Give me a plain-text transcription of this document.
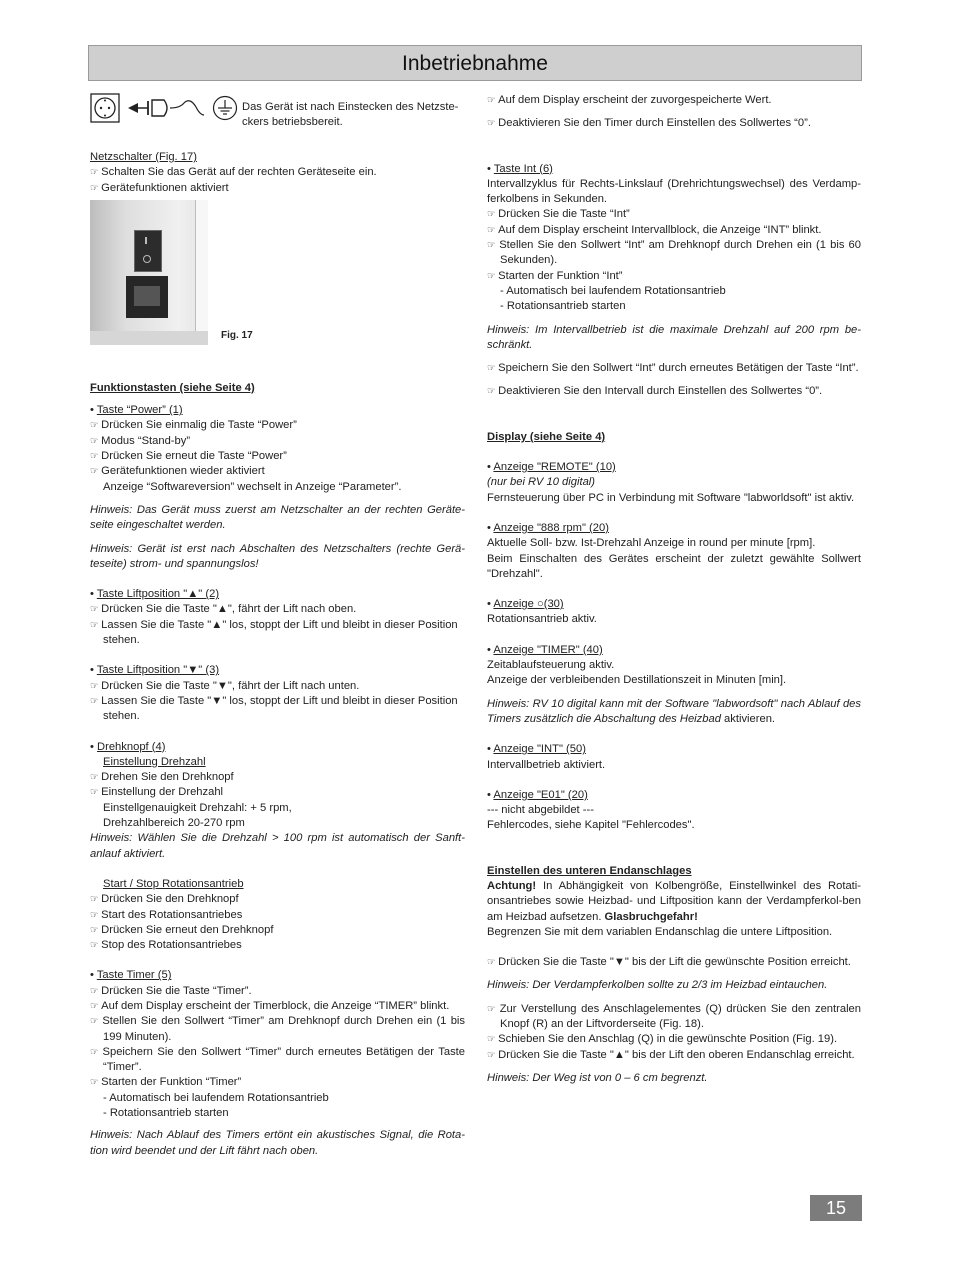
Inbetriebnahme

Das Gerät ist nach Einstecken des Netzste-ckers betriebsbereit.

Netzschalter (Fig. 17)

☞ Schalten Sie das Gerät auf der rechten Geräteseite ein.

☞ Gerätefunktionen aktiviert

Fig. 17

Funktionstasten (siehe Seite 4)

• Taste “Power” (1)

☞ Drücken Sie einmalig die Taste “Power”

☞ Modus “Stand-by”

☞ Drücken Sie erneut die Taste “Power”

☞ Gerätefunktionen wieder aktiviert

Anzeige “Softwareversion” wechselt in Anzeige “Parameter”.

Hinweis: Das Gerät muss zuerst am Netzschalter an der rechten Geräte-seite eingeschaltet werden.

Hinweis: Gerät ist erst nach Abschalten des Netzschalters (rechte Gerä-teseite) strom- und spannungslos!

• Taste Liftposition "▲" (2)

☞ Drücken Sie die Taste "▲", fährt der Lift nach oben.

☞ Lassen Sie die Taste "▲" los, stoppt der Lift und bleibt in dieser Position stehen.

• Taste Liftposition "▼" (3)

☞ Drücken Sie die Taste "▼", fährt der Lift nach unten.

☞ Lassen Sie die Taste "▼" los, stoppt der Lift und bleibt in dieser Position stehen.

• Drehknopf (4)

Einstellung Drehzahl

☞ Drehen Sie den Drehknopf

☞ Einstellung der Drehzahl

Einstellgenauigkeit Drehzahl: + 5 rpm,

Drehzahlbereich 20-270 rpm

Hinweis: Wählen Sie die Drehzahl > 100 rpm ist automatisch der Sanft-anlauf aktiviert.

Start / Stop Rotationsantrieb

☞ Drücken Sie den Drehknopf

☞ Start des Rotationsantriebes

☞ Drücken Sie erneut den Drehknopf

☞ Stop des Rotationsantriebes

• Taste Timer (5)

☞ Drücken Sie die Taste “Timer”.

☞ Auf dem Display erscheint der Timerblock, die Anzeige “TIMER” blinkt.

☞ Stellen Sie den Sollwert “Timer” am Drehknopf durch Drehen ein (1 bis 199 Minuten).

☞ Speichern Sie den Sollwert “Timer” durch erneutes Betätigen der Taste “Timer”.

☞ Starten der Funktion “Timer”

- Automatisch bei laufendem Rotationsantrieb

- Rotationsantrieb starten

Hinweis: Nach Ablauf des Timers ertönt ein akustisches Signal, die Rota-tion wird beendet und der Lift fährt nach oben.

☞ Auf dem Display erscheint der zuvorgespeicherte Wert.

☞ Deaktivieren Sie den Timer durch Einstellen des Sollwertes “0”.

• Taste Int (6)

Intervallzyklus für Rechts-Linkslauf (Drehrichtungswechsel) des Verdamp-ferkolbens in Sekunden.

☞ Drücken Sie die Taste “Int”

☞ Auf dem Display erscheint Intervallblock, die Anzeige “INT” blinkt.

☞ Stellen Sie den Sollwert “Int” am Drehknopf durch Drehen ein (1 bis 60 Sekunden).

☞ Starten der Funktion “Int”

- Automatisch bei laufendem Rotationsantrieb

- Rotationsantrieb starten

Hinweis: Im Intervallbetrieb ist die maximale Drehzahl auf 200 rpm be-schränkt.

☞ Speichern Sie den Sollwert “Int” durch erneutes Betätigen der Taste “Int”.

☞ Deaktivieren Sie den Intervall durch Einstellen des Sollwertes “0”.

Display (siehe Seite 4)

• Anzeige "REMOTE" (10)

(nur bei RV 10 digital)

Fernsteuerung über PC in Verbindung mit Software "labworldsoft" ist aktiv.

• Anzeige "888 rpm" (20)

Aktuelle Soll- bzw. Ist-Drehzahl Anzeige in round per minute [rpm].

Beim Einschalten des Gerätes erscheint der zuletzt gewählte Sollwert "Drehzahl".

• Anzeige ○(30)

Rotationsantrieb aktiv.

• Anzeige "TIMER" (40)

Zeitablaufsteuerung aktiv.

Anzeige der verbleibenden Destillationszeit in Minuten [min].

Hinweis: RV 10 digital kann mit der Software "labwordsoft" nach Ablauf des Timers zusätzlich die Abschaltung des Heizbad aktivieren.

• Anzeige "INT" (50)

Intervallbetrieb aktiviert.

• Anzeige "E01" (20)

--- nicht abgebildet ---

Fehlercodes, siehe Kapitel "Fehlercodes".

Einstellen des unteren Endanschlages

Achtung! In Abhängigkeit von Kolbengröße, Einstellwinkel des Rotati-onsantriebes sowie Heizbad- und Liftposition kann der Verdampferkol-ben am Heizbad aufsetzen. Glasbruchgefahr!

Begrenzen Sie mit dem variablen Endanschlag die untere Liftposition.

☞ Drücken Sie die Taste "▼" bis der Lift die gewünschte Position erreicht.

Hinweis: Der Verdampferkolben sollte zu 2/3 im Heizbad eintauchen.

☞ Zur Verstellung des Anschlagelementes (Q) drücken Sie den zentralen Knopf (R) an der Liftvorderseite (Fig. 18).

☞ Schieben Sie den Anschlag (Q) in die gewünschte Position (Fig. 19).

☞ Drücken Sie die Taste "▲" bis der Lift den oberen Endanschlag erreicht.

Hinweis: Der Weg ist von 0 – 6 cm begrenzt.

15
